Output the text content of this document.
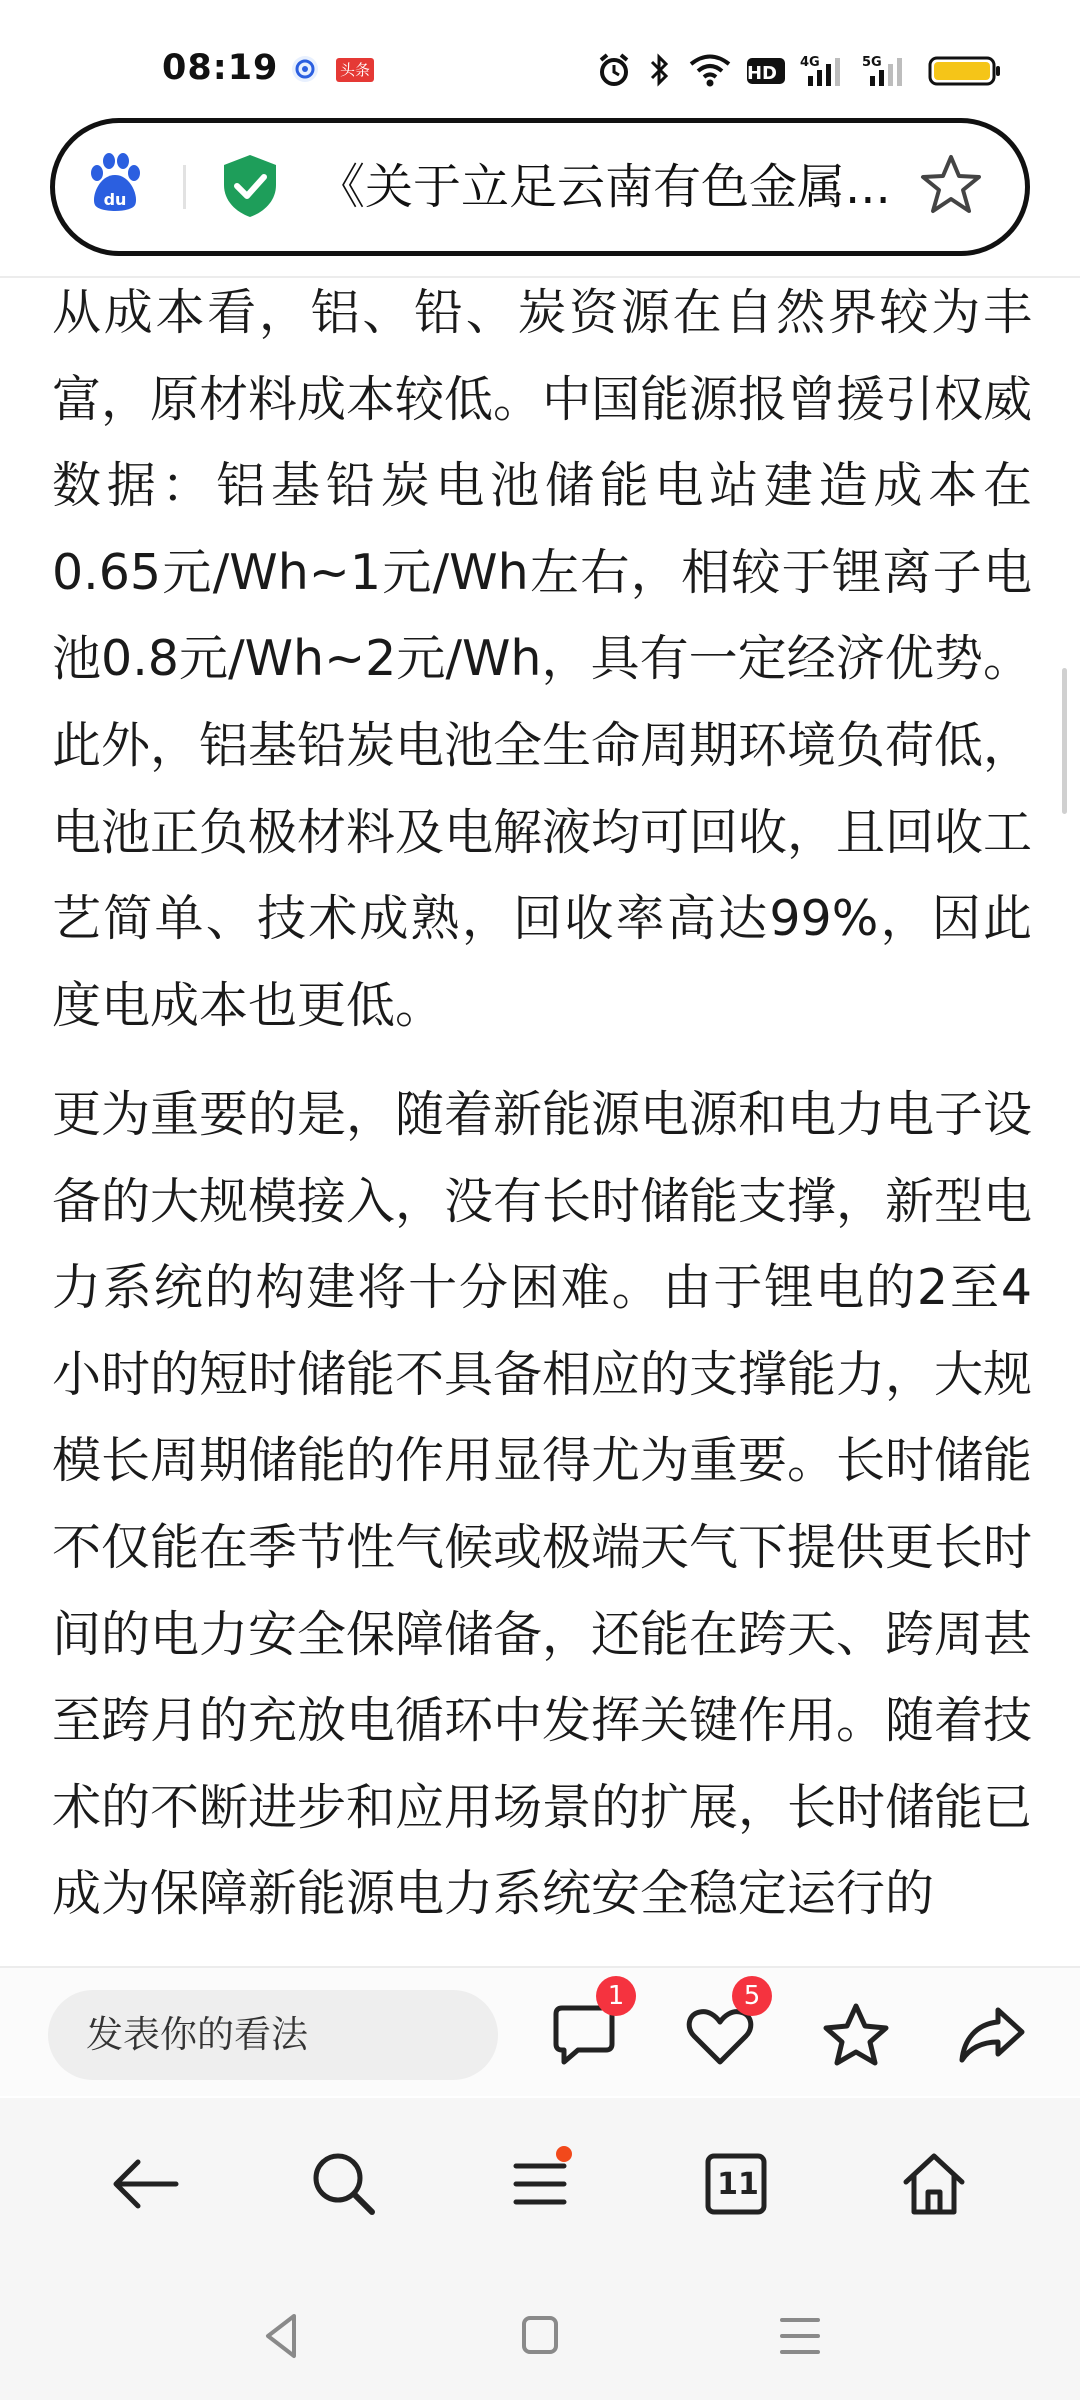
08:19	头条	HD
4G	5G
du	《关于立足云南有色金属...

从成本看，铝、铅、炭资源在自然界较为丰富，原材料成本较低。中国能源报曾援引权威数据：铝基铅炭电池储能电站建造成本在0.65元/Wh~1元/Wh左右，相较于锂离子电池0.8元/Wh~2元/Wh，具有一定经济优势。此外，铝基铅炭电池全生命周期环境负荷低，电池正负极材料及电解液均可回收，且回收工艺简单、技术成熟，回收率高达99%，因此度电成本也更低。

更为重要的是，随着新能源电源和电力电子设备的大规模接入，没有长时储能支撑，新型电力系统的构建将十分困难。由于锂电的2至4小时的短时储能不具备相应的支撑能力，大规模长周期储能的作用显得尤为重要。长时储能不仅能在季节性气候或极端天气下提供更长时间的电力安全保障储备，还能在跨天、跨周甚至跨月的充放电循环中发挥关键作用。随着技术的不断进步和应用场景的扩展，长时储能已成为保障新能源电力系统安全稳定运行的

发表你的看法
1	5
11
